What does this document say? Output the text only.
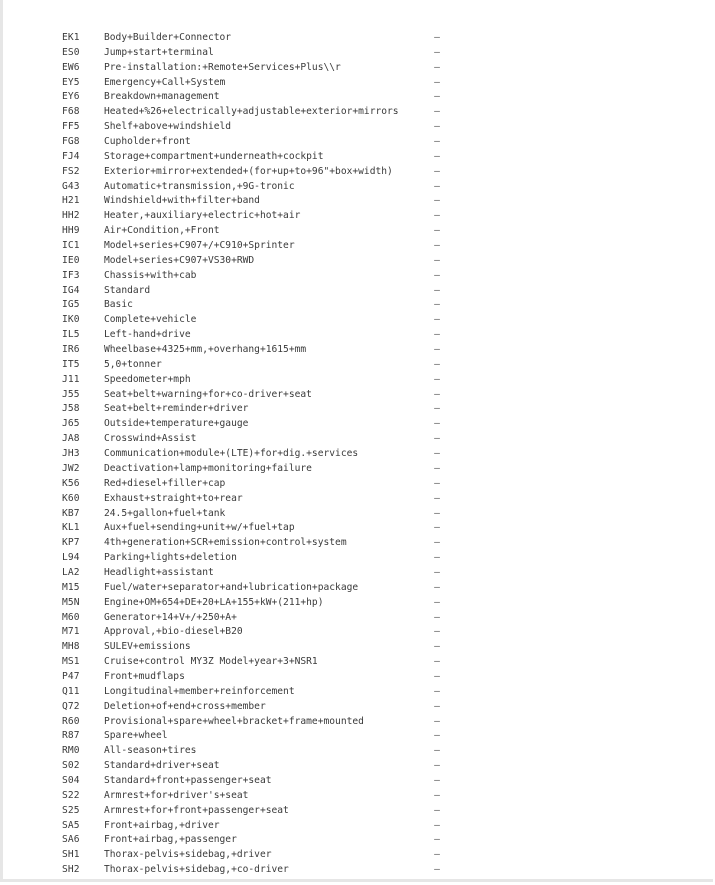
EK1	Body+Builder+Connector	–
ES0	Jump+start+terminal	–
EW6	Pre-installation:+Remote+Services+Plus\\r	–
EY5	Emergency+Call+System	–
EY6	Breakdown+management	–
F68	Heated+%26+electrically+adjustable+exterior+mirrors	–
FF5	Shelf+above+windshield	–
FG8	Cupholder+front	–
FJ4	Storage+compartment+underneath+cockpit	–
FS2	Exterior+mirror+extended+(for+up+to+96"+box+width)	–
G43	Automatic+transmission,+9G-tronic	–
H21	Windshield+with+filter+band	–
HH2	Heater,+auxiliary+electric+hot+air	–
HH9	Air+Condition,+Front	–
IC1	Model+series+C907+/+C910+Sprinter	–
IE0	Model+series+C907+VS30+RWD	–
IF3	Chassis+with+cab	–
IG4	Standard	–
IG5	Basic	–
IK0	Complete+vehicle	–
IL5	Left-hand+drive	–
IR6	Wheelbase+4325+mm,+overhang+1615+mm	–
IT5	5,0+tonner	–
J11	Speedometer+mph	–
J55	Seat+belt+warning+for+co-driver+seat	–
J58	Seat+belt+reminder+driver	–
J65	Outside+temperature+gauge	–
JA8	Crosswind+Assist	–
JH3	Communication+module+(LTE)+for+dig.+services	–
JW2	Deactivation+lamp+monitoring+failure	–
K56	Red+diesel+filler+cap	–
K60	Exhaust+straight+to+rear	–
KB7	24.5+gallon+fuel+tank	–
KL1	Aux+fuel+sending+unit+w/+fuel+tap	–
KP7	4th+generation+SCR+emission+control+system	–
L94	Parking+lights+deletion	–
LA2	Headlight+assistant	–
M15	Fuel/water+separator+and+lubrication+package	–
M5N	Engine+OM+654+DE+20+LA+155+kW+(211+hp)	–
M60	Generator+14+V+/+250+A+	–
M71	Approval,+bio-diesel+B20	–
MH8	SULEV+emissions	–
MS1	Cruise+control MY3Z Model+year+3+NSR1	–
P47	Front+mudflaps	–
Q11	Longitudinal+member+reinforcement	–
Q72	Deletion+of+end+cross+member	–
R60	Provisional+spare+wheel+bracket+frame+mounted	–
R87	Spare+wheel	–
RM0	All-season+tires	–
S02	Standard+driver+seat	–
S04	Standard+front+passenger+seat	–
S22	Armrest+for+driver's+seat	–
S25	Armrest+for+front+passenger+seat	–
SA5	Front+airbag,+driver	–
SA6	Front+airbag,+passenger	–
SH1	Thorax-pelvis+sidebag,+driver	–
SH2	Thorax-pelvis+sidebag,+co-driver	–
